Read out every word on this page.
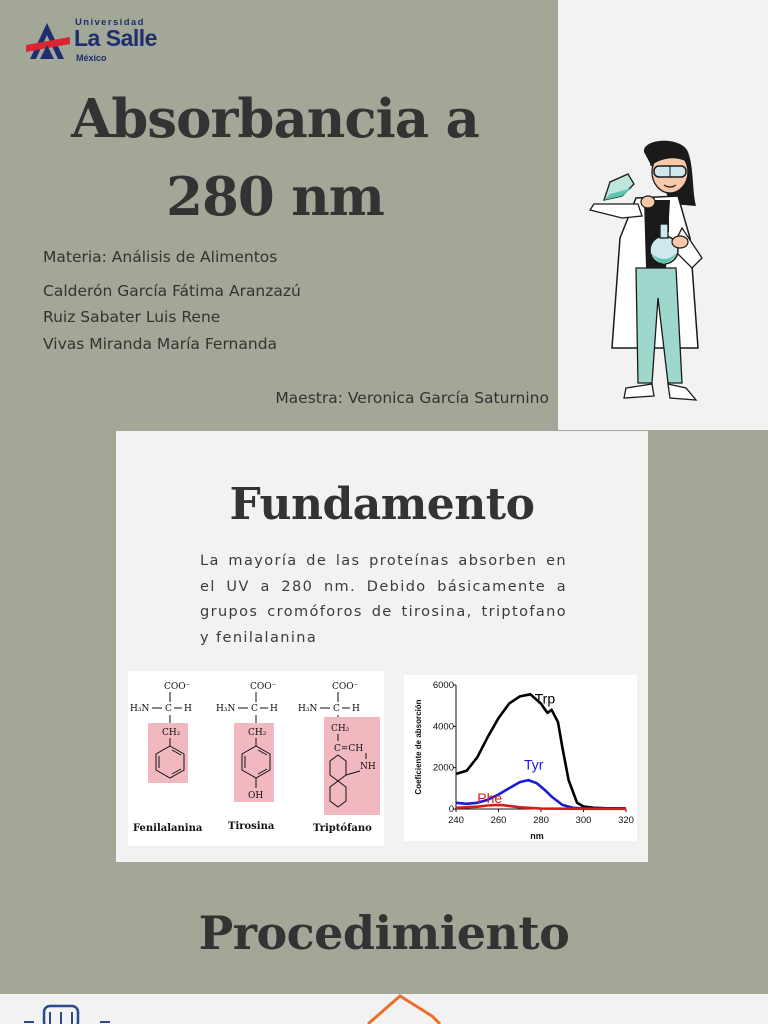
Universidad
La Salle
México
Absorbancia a
280 nm
Materia: Análisis de Alimentos
Calderón García Fátima Aranzazú
Ruiz Sabater Luis Rene
Vivas Miranda María Fernanda
Maestra: Veronica García Saturnino
Fundamento

La mayoría de las proteínas absorben en el UV a 280 nm. Debido básicamente a grupos cromóforos de tirosina, triptofano y fenilalanina

COO⁻
H₃N C H
CH₂
Fenilalanina
COO⁻
H₃N C H
CH₂
OH
Tirosina
COO⁻
H₃N C H
CH₂
C=CH
NH
Triptófano
0
2000
4000
6000
240	260	280	300	320
nm
Coeficiente de absorción
Trp
Tyr
Phe
Procedimiento
